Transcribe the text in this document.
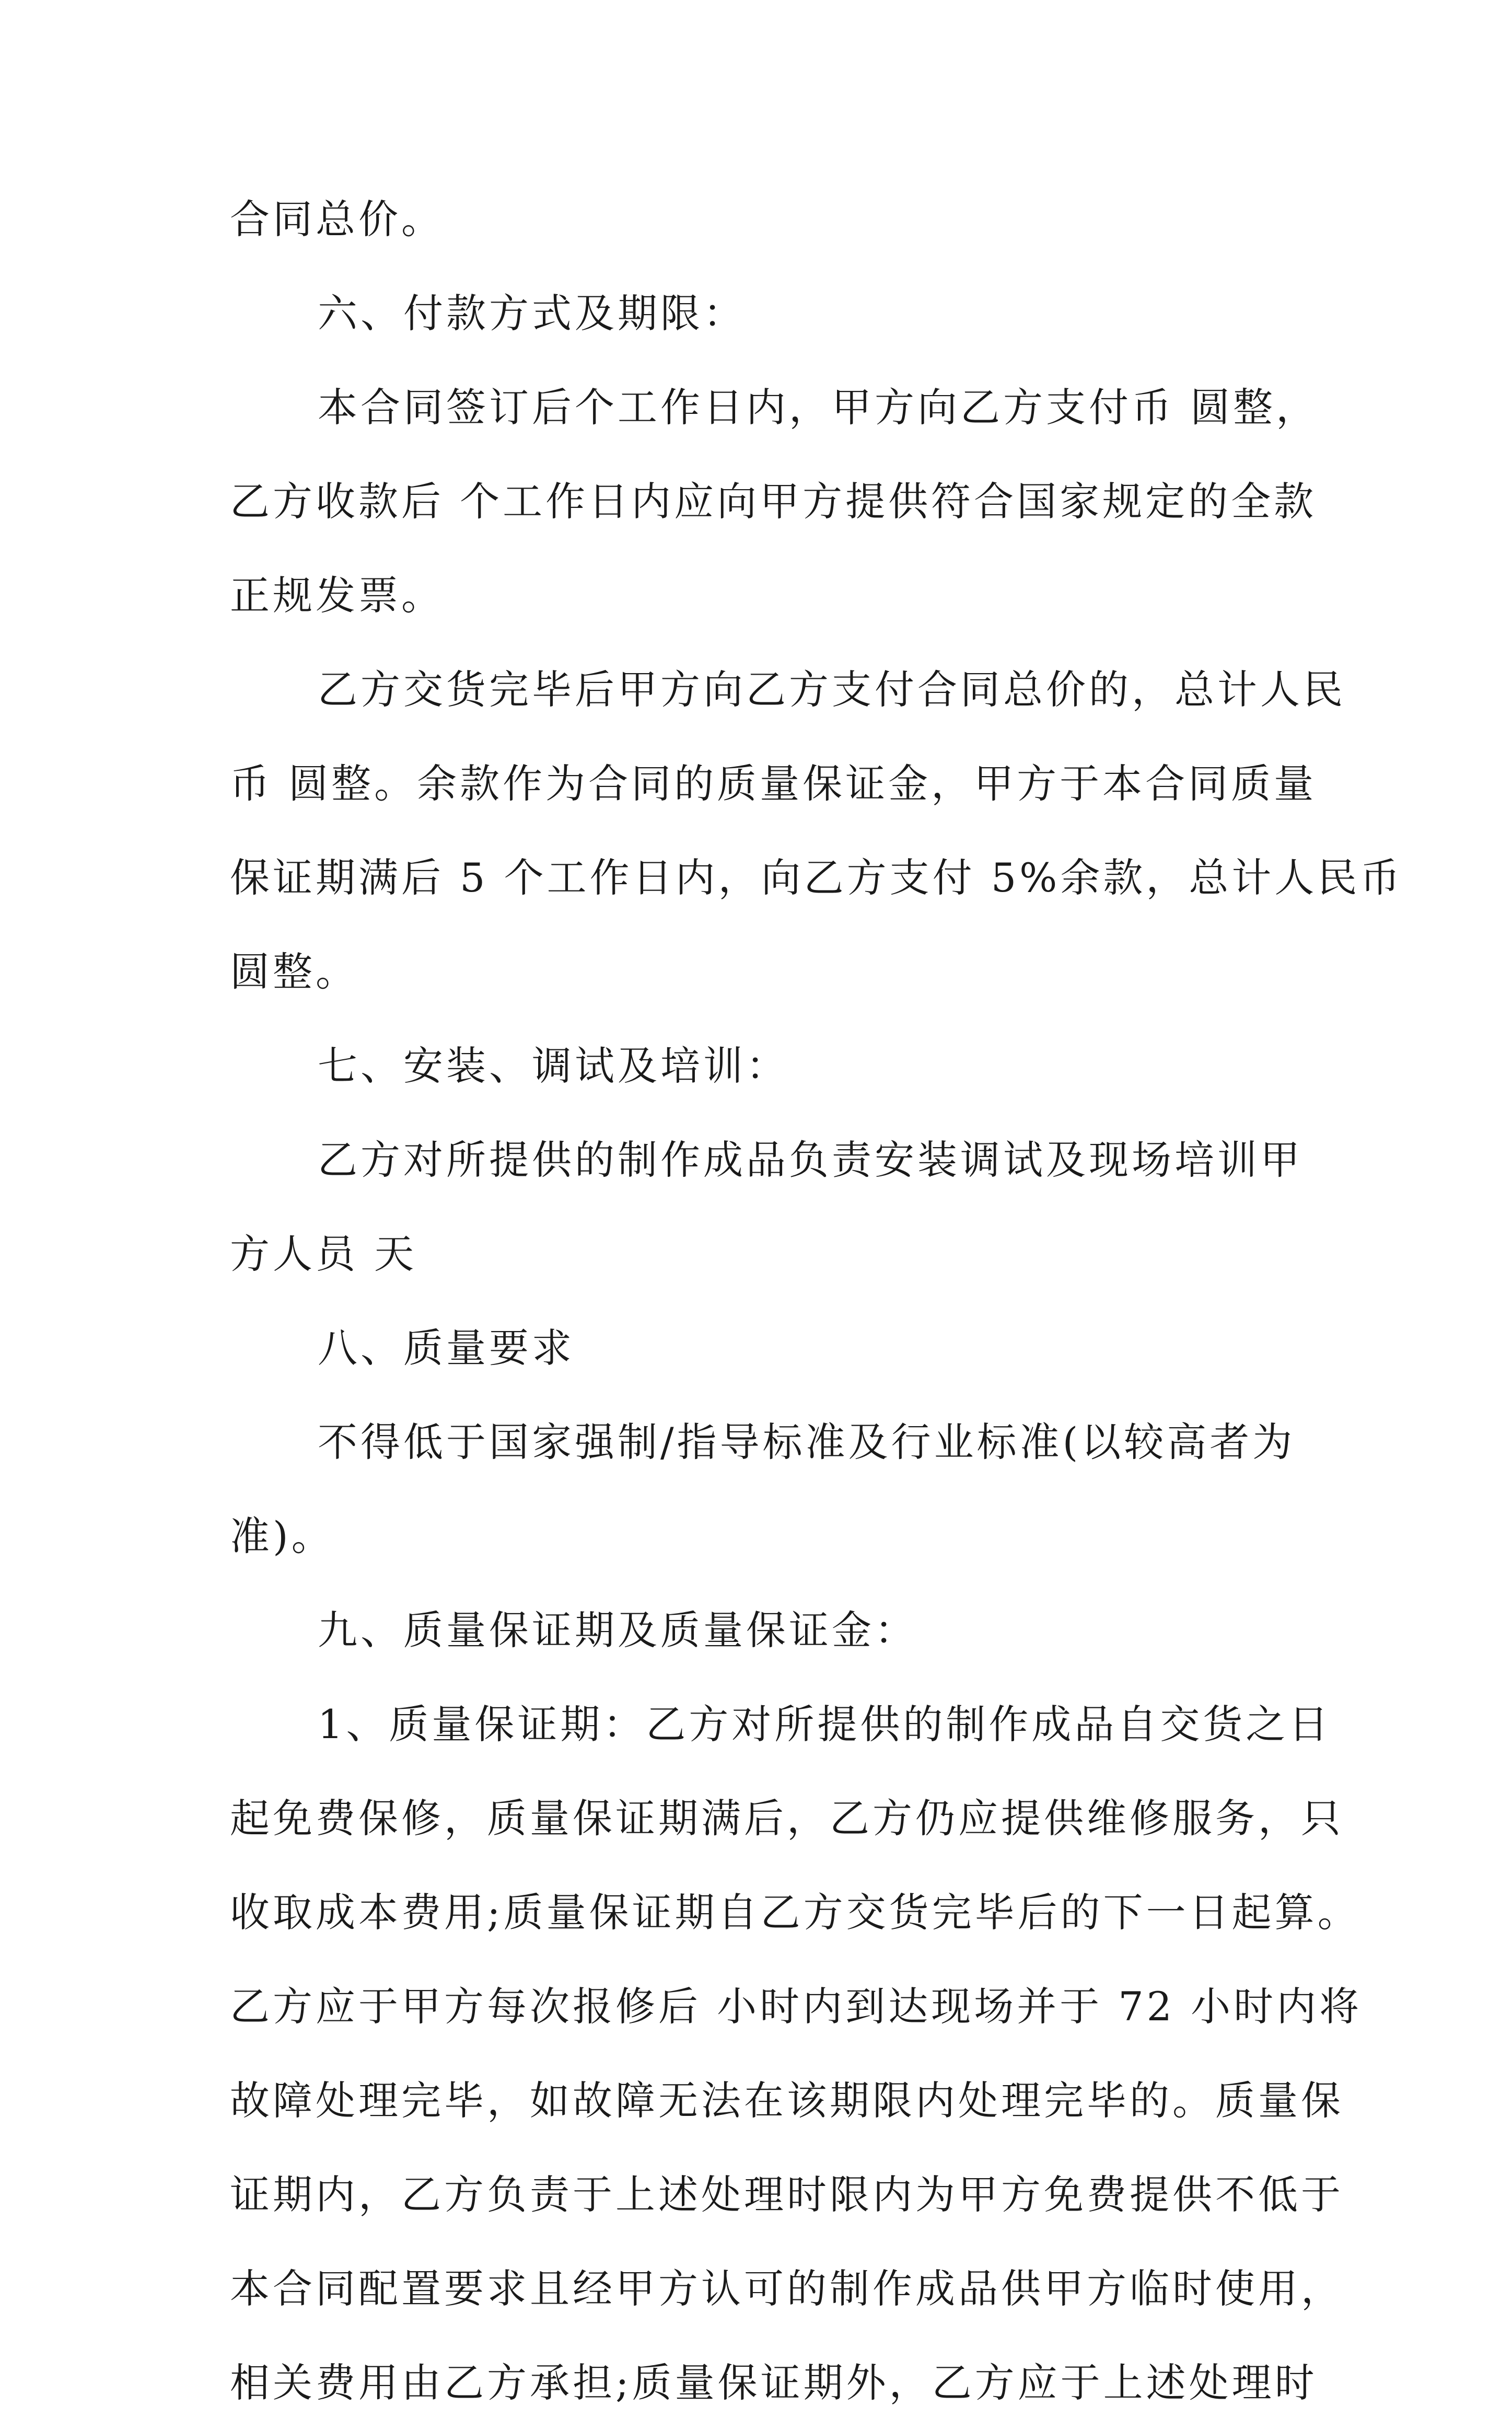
合同总价。
六、付款方式及期限：
本合同签订后个工作日内，甲方向乙方支付币 圆整，
乙方收款后 个工作日内应向甲方提供符合国家规定的全款
正规发票。
乙方交货完毕后甲方向乙方支付合同总价的，总计人民
币 圆整。余款作为合同的质量保证金，甲方于本合同质量
保证期满后 5 个工作日内，向乙方支付 5%余款，总计人民币
圆整。
七、安装、调试及培训：
乙方对所提供的制作成品负责安装调试及现场培训甲
方人员 天
八、质量要求
不得低于国家强制/指导标准及行业标准(以较高者为
准)。
九、质量保证期及质量保证金：
1、质量保证期：乙方对所提供的制作成品自交货之日
起免费保修，质量保证期满后，乙方仍应提供维修服务，只
收取成本费用;质量保证期自乙方交货完毕后的下一日起算。
乙方应于甲方每次报修后 小时内到达现场并于 72 小时内将
故障处理完毕，如故障无法在该期限内处理完毕的。质量保
证期内，乙方负责于上述处理时限内为甲方免费提供不低于
本合同配置要求且经甲方认可的制作成品供甲方临时使用，
相关费用由乙方承担;质量保证期外，乙方应于上述处理时
